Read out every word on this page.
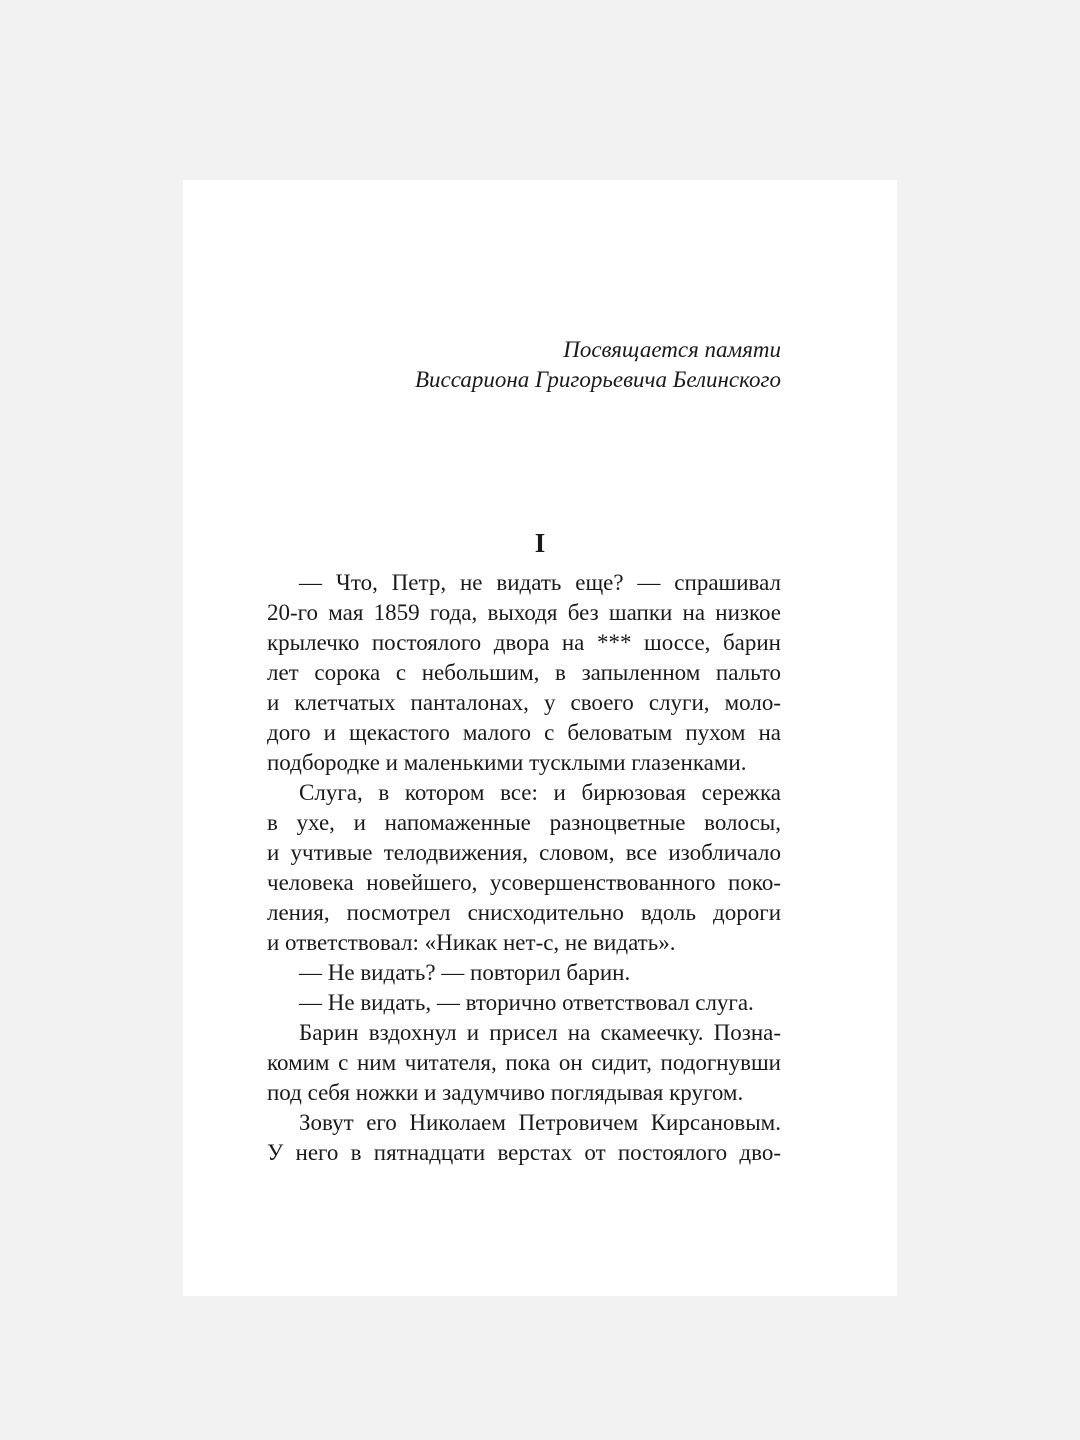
Посвящается памяти
Виссариона Григорьевича Белинского
I
— Что, Петр, не видать еще? — спрашивал
20-го мая 1859 года, выходя без шапки на низкое
крылечко постоялого двора на *** шоссе, барин
лет сорока с небольшим, в запыленном пальто
и клетчатых панталонах, у своего слуги, моло-
дого и щекастого малого с беловатым пухом на
подбородке и маленькими тусклыми глазенками.
Слуга, в котором все: и бирюзовая сережка
в ухе, и напомаженные разноцветные волосы,
и учтивые телодвижения, словом, все изобличало
человека новейшего, усовершенствованного поко-
ления, посмотрел снисходительно вдоль дороги
и ответствовал: «Никак нет-с, не видать».
— Не видать? — повторил барин.
— Не видать, — вторично ответствовал слуга.
Барин вздохнул и присел на скамеечку. Позна-
комим с ним читателя, пока он сидит, подогнувши
под себя ножки и задумчиво поглядывая кругом.
Зовут его Николаем Петровичем Кирсановым.
У него в пятнадцати верстах от постоялого дво-
